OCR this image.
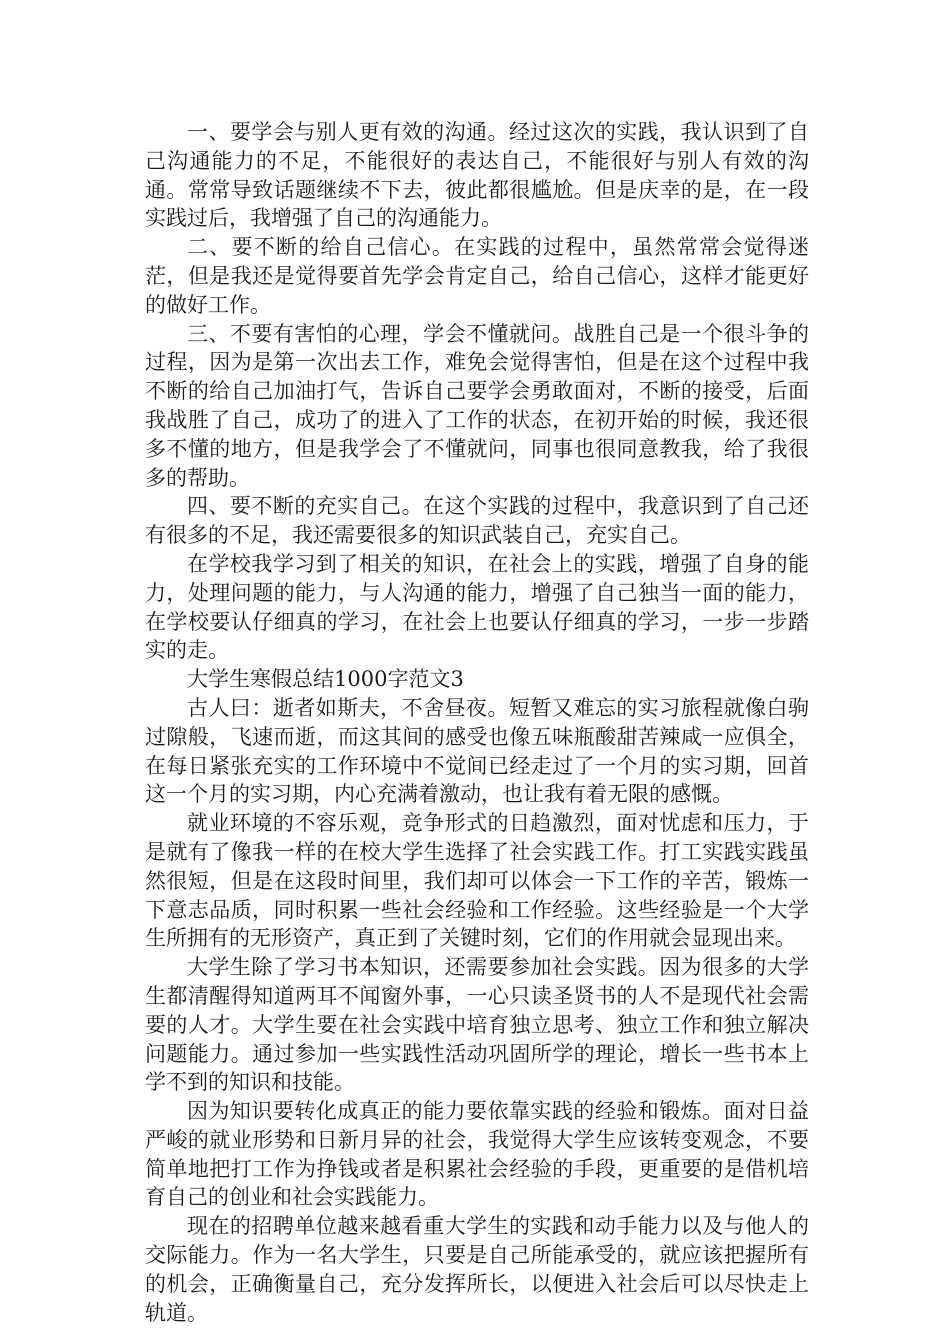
一、要学会与别人更有效的沟通。经过这次的实践，我认识到了自己沟通能力的不足，不能很好的表达自己，不能很好与别人有效的沟通。常常导致话题继续不下去，彼此都很尴尬。但是庆幸的是，在一段实践过后，我增强了自己的沟通能力。

二、要不断的给自己信心。在实践的过程中，虽然常常会觉得迷茫，但是我还是觉得要首先学会肯定自己，给自己信心，这样才能更好的做好工作。

三、不要有害怕的心理，学会不懂就问。战胜自己是一个很斗争的过程，因为是第一次出去工作，难免会觉得害怕，但是在这个过程中我不断的给自己加油打气，告诉自己要学会勇敢面对，不断的接受，后面我战胜了自己，成功了的进入了工作的状态，在初开始的时候，我还很多不懂的地方，但是我学会了不懂就问，同事也很同意教我，给了我很多的帮助。

四、要不断的充实自己。在这个实践的过程中，我意识到了自己还有很多的不足，我还需要很多的知识武装自己，充实自己。

在学校我学习到了相关的知识，在社会上的实践，增强了自身的能力，处理问题的能力，与人沟通的能力，增强了自己独当一面的能力，在学校要认仔细真的学习，在社会上也要认仔细真的学习，一步一步踏实的走。

大学生寒假总结1000字范文3

古人曰：逝者如斯夫，不舍昼夜。短暂又难忘的实习旅程就像白驹过隙般，飞速而逝，而这其间的感受也像五味瓶酸甜苦辣咸一应俱全，在每日紧张充实的工作环境中不觉间已经走过了一个月的实习期，回首这一个月的实习期，内心充满着激动，也让我有着无限的感慨。

就业环境的不容乐观，竞争形式的日趋激烈，面对忧虑和压力，于是就有了像我一样的在校大学生选择了社会实践工作。打工实践实践虽然很短，但是在这段时间里，我们却可以体会一下工作的辛苦，锻炼一下意志品质，同时积累一些社会经验和工作经验。这些经验是一个大学生所拥有的无形资产，真正到了关键时刻，它们的作用就会显现出来。

大学生除了学习书本知识，还需要参加社会实践。因为很多的大学生都清醒得知道两耳不闻窗外事，一心只读圣贤书的人不是现代社会需要的人才。大学生要在社会实践中培育独立思考、独立工作和独立解决问题能力。通过参加一些实践性活动巩固所学的理论，增长一些书本上学不到的知识和技能。

因为知识要转化成真正的能力要依靠实践的经验和锻炼。面对日益严峻的就业形势和日新月异的社会，我觉得大学生应该转变观念，不要简单地把打工作为挣钱或者是积累社会经验的手段，更重要的是借机培育自己的创业和社会实践能力。

现在的招聘单位越来越看重大学生的实践和动手能力以及与他人的交际能力。作为一名大学生，只要是自己所能承受的，就应该把握所有的机会，正确衡量自己，充分发挥所长，以便进入社会后可以尽快走上轨道。
